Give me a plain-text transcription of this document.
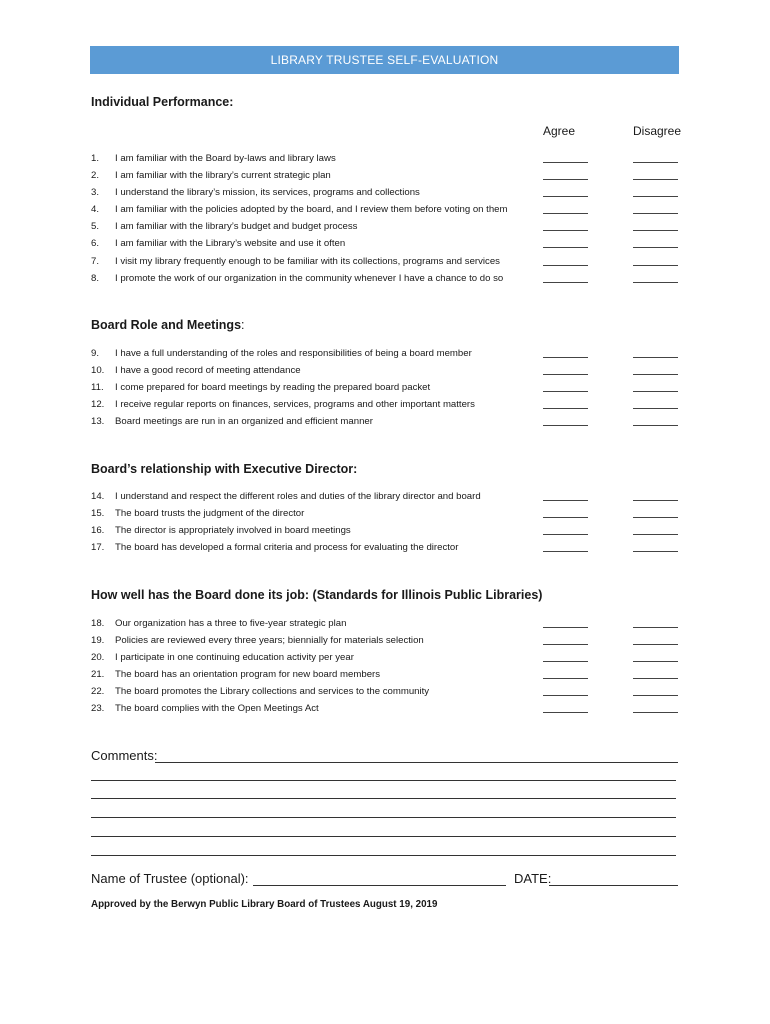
LIBRARY TRUSTEE SELF-EVALUATION
Individual Performance:
Agree	Disagree
1.	I am familiar with the Board by-laws and library laws
2.	I am familiar with the library’s current strategic plan
3.	I understand the library’s mission, its services, programs and collections
4.	I am familiar with the policies adopted by the board, and I review them before voting on them
5.	I am familiar with the library’s budget and budget process
6.	I am familiar with the Library’s website and use it often
7.	I visit my library frequently enough to be familiar with its collections, programs and services
8.	I promote the work of our organization in the community whenever I have a chance to do so
Board Role and Meetings:
9.	I have a full understanding of the roles and responsibilities of being a board member
10.	I have a good record of meeting attendance
11.	I come prepared for board meetings by reading the prepared board packet
12.	I receive regular reports on finances, services, programs and other important matters
13.	Board meetings are run in an organized and efficient manner
Board’s relationship with Executive Director:
14.	I understand and respect the different roles and duties of the library director and board
15.	The board trusts the judgment of the director
16.	The director is appropriately involved in board meetings
17.	The board has developed a formal criteria and process for evaluating the director
How well has the Board done its job: (Standards for Illinois Public Libraries)
18.	Our organization has a three to five-year strategic plan
19.	Policies are reviewed every three years; biennially for materials selection
20.	I participate in one continuing education activity per year
21.	The board has an orientation program for new board members
22.	The board promotes the Library collections and services to the community
23.	The board complies with the Open Meetings Act
Comments:
Name of Trustee (optional):	DATE:
Approved by the Berwyn Public Library Board of Trustees August 19, 2019
